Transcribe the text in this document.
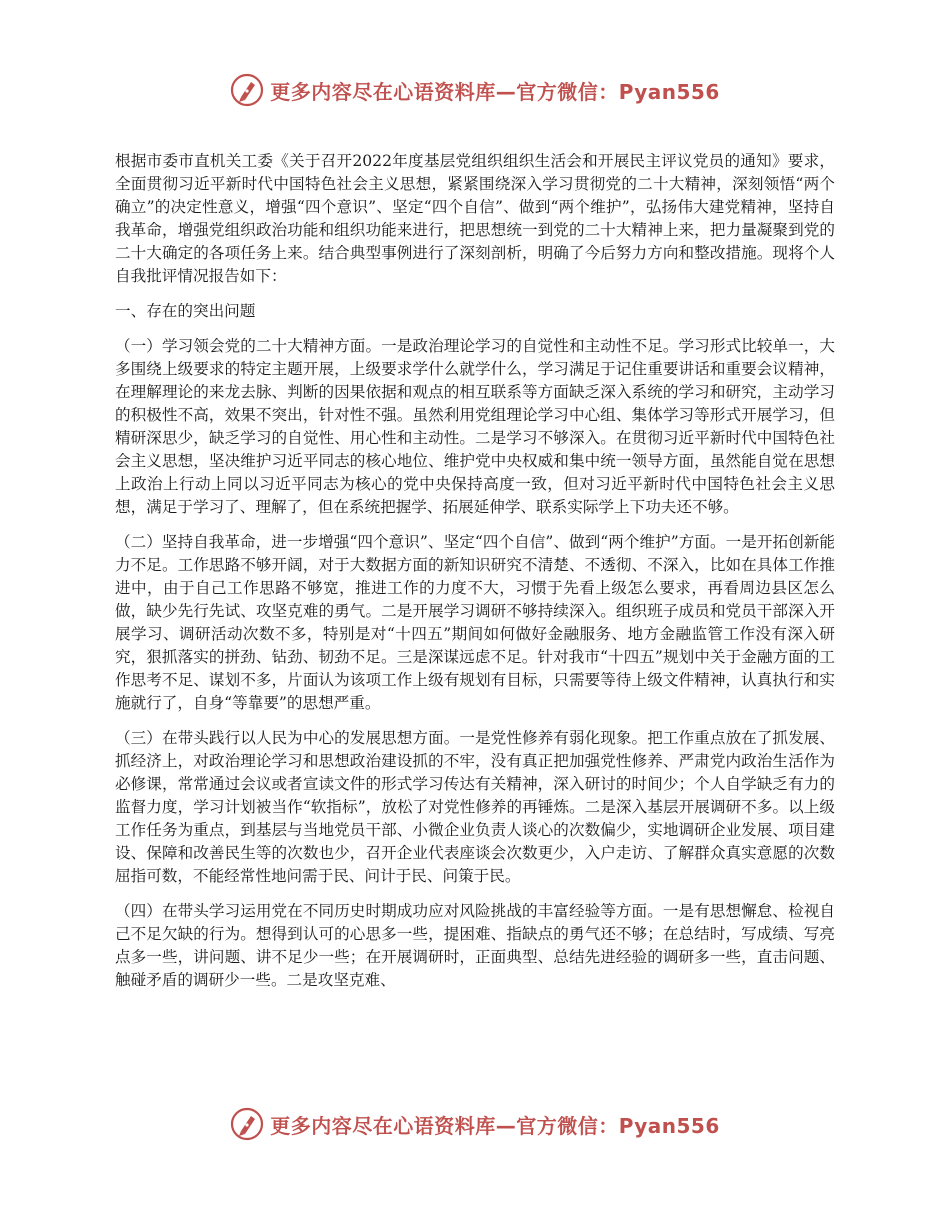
更多内容尽在心语资料库—官方微信：Pyan556

根据市委市直机关工委《关于召开2022年度基层党组织组织生活会和开展民主评议党员的通知》要求，全面贯彻习近平新时代中国特色社会主义思想，紧紧围绕深入学习贯彻党的二十大精神，深刻领悟“两个确立”的决定性意义，增强“四个意识”、坚定“四个自信”、做到“两个维护”，弘扬伟大建党精神，坚持自我革命，增强党组织政治功能和组织功能来进行，把思想统一到党的二十大精神上来，把力量凝聚到党的二十大确定的各项任务上来。结合典型事例进行了深刻剖析，明确了今后努力方向和整改措施。现将个人自我批评情况报告如下：

一、存在的突出问题

（一）学习领会党的二十大精神方面。一是政治理论学习的自觉性和主动性不足。学习形式比较单一，大多围绕上级要求的特定主题开展，上级要求学什么就学什么，学习满足于记住重要讲话和重要会议精神，在理解理论的来龙去脉、判断的因果依据和观点的相互联系等方面缺乏深入系统的学习和研究，主动学习的积极性不高，效果不突出，针对性不强。虽然利用党组理论学习中心组、集体学习等形式开展学习，但精研深思少，缺乏学习的自觉性、用心性和主动性。二是学习不够深入。在贯彻习近平新时代中国特色社会主义思想，坚决维护习近平同志的核心地位、维护党中央权威和集中统一领导方面，虽然能自觉在思想上政治上行动上同以习近平同志为核心的党中央保持高度一致，但对习近平新时代中国特色社会主义思想，满足于学习了、理解了，但在系统把握学、拓展延伸学、联系实际学上下功夫还不够。

（二）坚持自我革命，进一步增强“四个意识”、坚定“四个自信”、做到“两个维护”方面。一是开拓创新能力不足。工作思路不够开阔，对于大数据方面的新知识研究不清楚、不透彻、不深入，比如在具体工作推进中，由于自己工作思路不够宽，推进工作的力度不大，习惯于先看上级怎么要求，再看周边县区怎么做，缺少先行先试、攻坚克难的勇气。二是开展学习调研不够持续深入。组织班子成员和党员干部深入开展学习、调研活动次数不多，特别是对“十四五”期间如何做好金融服务、地方金融监管工作没有深入研究，狠抓落实的拼劲、钻劲、韧劲不足。三是深谋远虑不足。针对我市“十四五”规划中关于金融方面的工作思考不足、谋划不多，片面认为该项工作上级有规划有目标，只需要等待上级文件精神，认真执行和实施就行了，自身“等靠要”的思想严重。

（三）在带头践行以人民为中心的发展思想方面。一是党性修养有弱化现象。把工作重点放在了抓发展、抓经济上，对政治理论学习和思想政治建设抓的不牢，没有真正把加强党性修养、严肃党内政治生活作为必修课，常常通过会议或者宣读文件的形式学习传达有关精神，深入研讨的时间少；个人自学缺乏有力的监督力度，学习计划被当作“软指标”，放松了对党性修养的再锤炼。二是深入基层开展调研不多。以上级工作任务为重点，到基层与当地党员干部、小微企业负责人谈心的次数偏少，实地调研企业发展、项目建设、保障和改善民生等的次数也少，召开企业代表座谈会次数更少，入户走访、了解群众真实意愿的次数屈指可数，不能经常性地问需于民、问计于民、问策于民。

（四）在带头学习运用党在不同历史时期成功应对风险挑战的丰富经验等方面。一是有思想懈怠、检视自己不足欠缺的行为。想得到认可的心思多一些，提困难、指缺点的勇气还不够；在总结时，写成绩、写亮点多一些，讲问题、讲不足少一些；在开展调研时，正面典型、总结先进经验的调研多一些，直击问题、触碰矛盾的调研少一些。二是攻坚克难、

更多内容尽在心语资料库—官方微信：Pyan556
